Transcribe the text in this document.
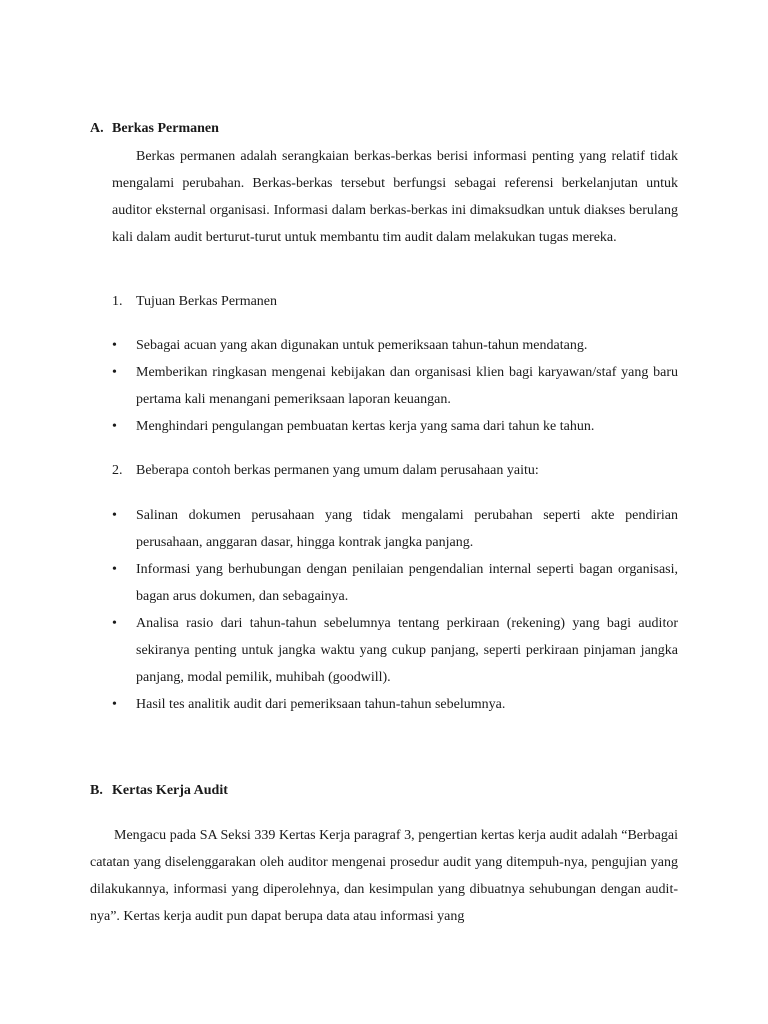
A. Berkas Permanen

Berkas permanen adalah serangkaian berkas-berkas berisi informasi penting yang relatif tidak mengalami perubahan. Berkas-berkas tersebut berfungsi sebagai referensi berkelanjutan untuk auditor eksternal organisasi. Informasi dalam berkas-berkas ini dimaksudkan untuk diakses berulang kali dalam audit berturut-turut untuk membantu tim audit dalam melakukan tugas mereka.

1. Tujuan Berkas Permanen
•	Sebagai acuan yang akan digunakan untuk pemeriksaan tahun-tahun mendatang.
•	Memberikan ringkasan mengenai kebijakan dan organisasi klien bagi karyawan/staf yang baru pertama kali menangani pemeriksaan laporan keuangan.
•	Menghindari pengulangan pembuatan kertas kerja yang sama dari tahun ke tahun.
2. Beberapa contoh berkas permanen yang umum dalam perusahaan yaitu:
•	Salinan dokumen perusahaan yang tidak mengalami perubahan seperti akte pendirian perusahaan, anggaran dasar, hingga kontrak jangka panjang.
•	Informasi yang berhubungan dengan penilaian pengendalian internal seperti bagan organisasi, bagan arus dokumen, dan sebagainya.
•	Analisa rasio dari tahun-tahun sebelumnya tentang perkiraan (rekening) yang bagi auditor sekiranya penting untuk jangka waktu yang cukup panjang, seperti perkiraan pinjaman jangka panjang, modal pemilik, muhibah (goodwill).
•	Hasil tes analitik audit dari pemeriksaan tahun-tahun sebelumnya.
B. Kertas Kerja Audit

Mengacu pada SA Seksi 339 Kertas Kerja paragraf 3, pengertian kertas kerja audit adalah “Berbagai catatan yang diselenggarakan oleh auditor mengenai prosedur audit yang ditempuh-nya, pengujian yang dilakukannya, informasi yang diperolehnya, dan kesimpulan yang dibuatnya sehubungan dengan audit-nya”. Kertas kerja audit pun dapat berupa data atau informasi yang
